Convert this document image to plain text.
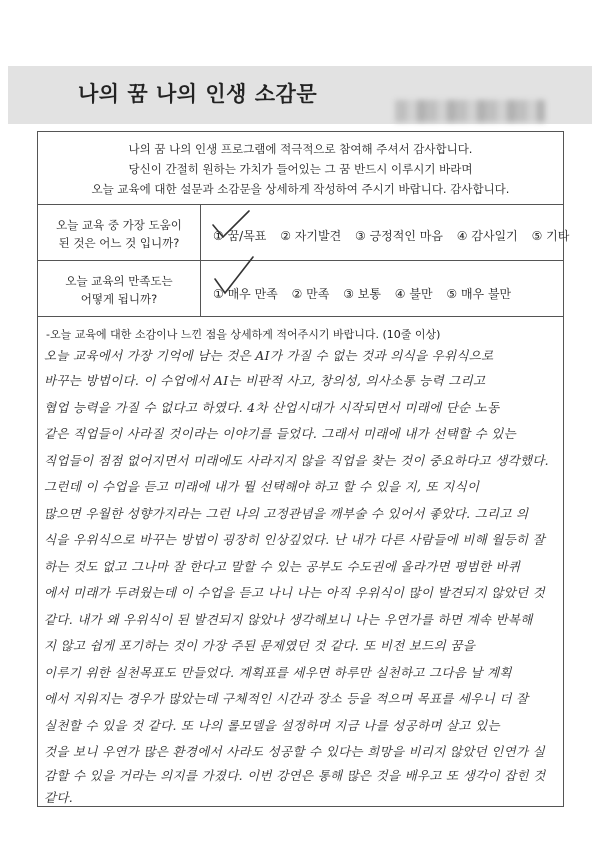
나의 꿈 나의 인생 소감문
나의 꿈 나의 인생 프로그램에 적극적으로 참여해 주셔서 감사합니다.
당신이 간절히 원하는 가치가 들어있는 그 꿈 반드시 이루시기 바라며
오늘 교육에 대한 설문과 소감문을 상세하게 작성하여 주시기 바랍니다. 감사합니다.
오늘 교육 중 가장 도움이
된 것은 어느 것 입니까?	① 꿈/목표 ② 자기발견 ③ 긍정적인 마음 ④ 감사일기 ⑤ 기타
오늘 교육의 만족도는
어떻게 됩니까?	① 매우 만족 ② 만족 ③ 보통 ④ 불만 ⑤ 매우 불만
-오늘 교육에 대한 소감이나 느낀 점을 상세하게 적어주시기 바랍니다. (10줄 이상)
오늘 교육에서 가장 기억에 남는 것은 AI가 가질 수 없는 것과 의식을 우위식으로
바꾸는 방법이다. 이 수업에서 AI는 비판적 사고, 창의성, 의사소통 능력 그리고
협업 능력을 가질 수 없다고 하였다. 4차 산업시대가 시작되면서 미래에 단순 노동
같은 직업들이 사라질 것이라는 이야기를 들었다. 그래서 미래에 내가 선택할 수 있는
직업들이 점점 없어지면서 미래에도 사라지지 않을 직업을 찾는 것이 중요하다고 생각했다.
그런데 이 수업을 듣고 미래에 내가 뭘 선택해야 하고 할 수 있을 지, 또 지식이
많으면 우월한 성향가지라는 그런 나의 고정관념을 깨부술 수 있어서 좋았다. 그리고 의
식을 우위식으로 바꾸는 방법이 굉장히 인상깊었다. 난 내가 다른 사람들에 비해 월등히 잘
하는 것도 없고 그나마 잘 한다고 말할 수 있는 공부도 수도권에 올라가면 평범한 바퀴
에서 미래가 두려웠는데 이 수업을 듣고 나니 나는 아직 우위식이 많이 발견되지 않았던 것
같다. 내가 왜 우위식이 된 발견되지 않았나 생각해보니 나는 우연가를 하면 계속 반복해
지 않고 쉽게 포기하는 것이 가장 주된 문제였던 것 같다. 또 비전 보드의 꿈을
이루기 위한 실천목표도 만들었다. 계획표를 세우면 하루만 실천하고 그다음 날 계획
에서 지워지는 경우가 많았는데 구체적인 시간과 장소 등을 적으며 목표를 세우니 더 잘
실천할 수 있을 것 같다. 또 나의 롤모델을 설정하며 지금 나를 성공하며 살고 있는
것을 보니 우연가 많은 환경에서 사라도 성공할 수 있다는 희망을 비리지 않았던 인연가 실
감할 수 있을 거라는 의지를 가졌다. 이번 강연은 통해 많은 것을 배우고 또 생각이 잡힌 것
같다.
